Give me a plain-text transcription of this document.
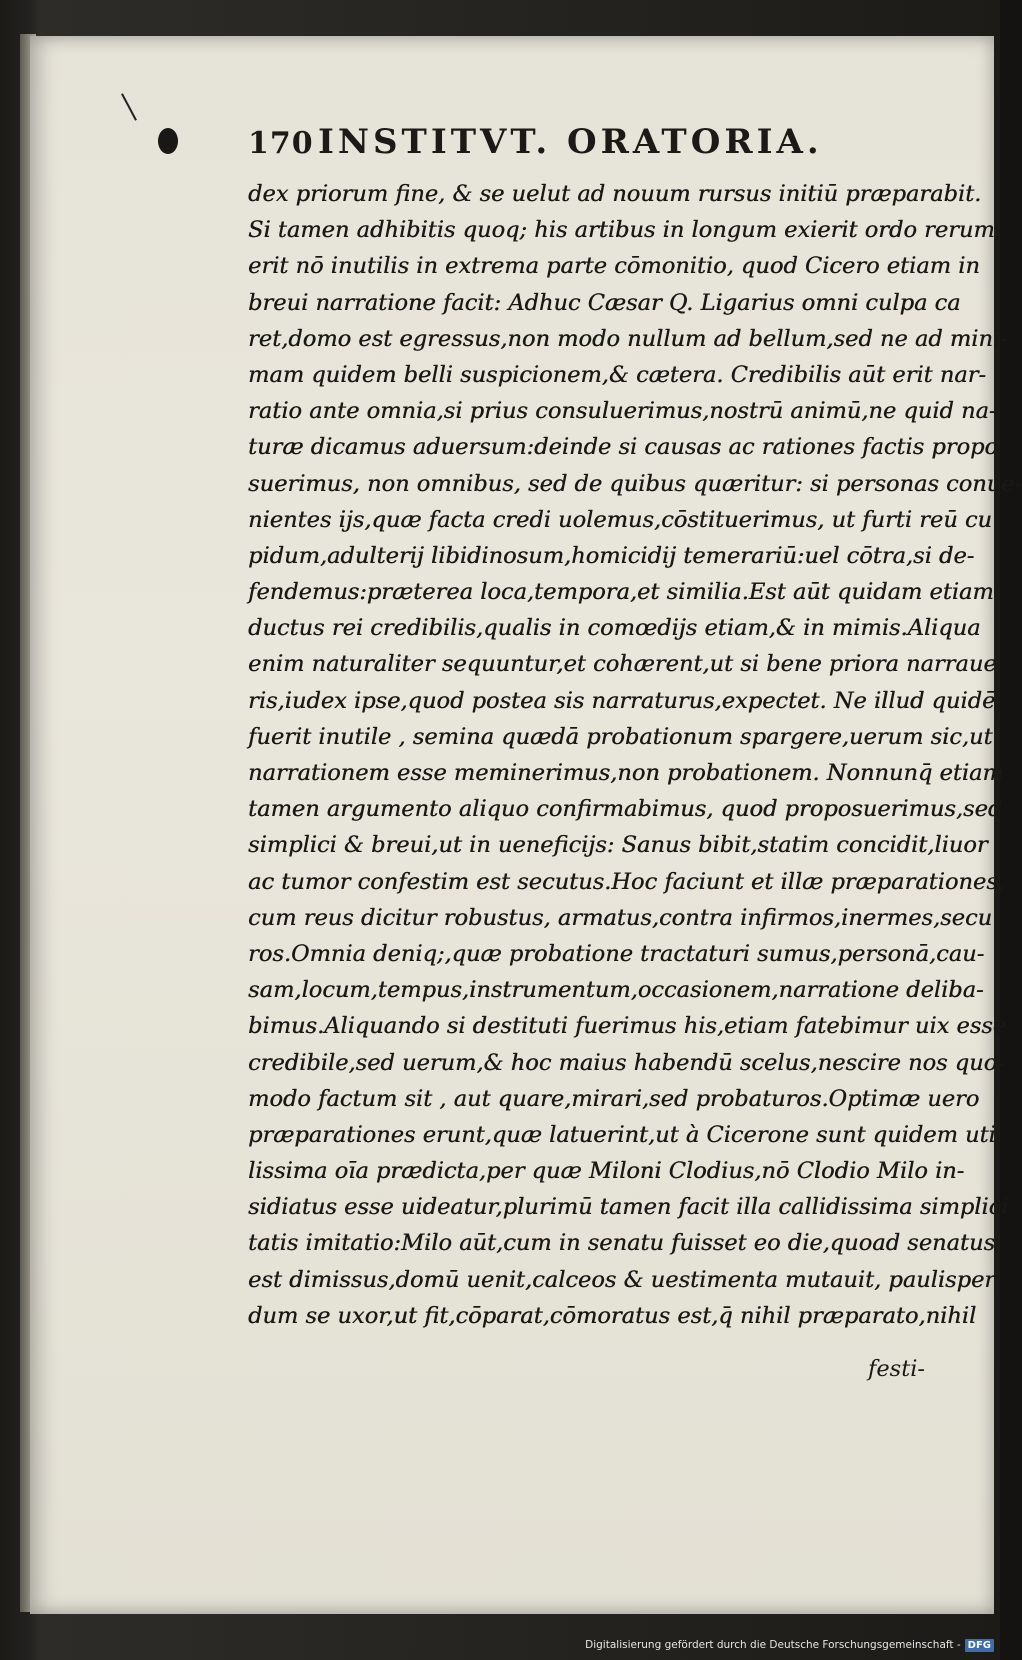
170 INSTITVT. ORATORIA.
dex priorum fine, & se uelut ad nouum rursus initiū præparabit.
Si tamen adhibitis quoq; his artibus in longum exierit ordo rerum,
erit nō inutilis in extrema parte cōmonitio, quod Cicero etiam in
breui narratione facit: Adhuc Cæsar Q. Ligarius omni culpa ca
ret,domo est egressus,non modo nullum ad bellum,sed ne ad mini-
mam quidem belli suspicionem,& cætera. Credibilis aūt erit nar-
ratio ante omnia,si prius consuluerimus,nostrū animū,ne quid na-
turæ dicamus aduersum:deinde si causas ac rationes factis propo
suerimus, non omnibus, sed de quibus quæritur: si personas conue-
nientes ijs,quæ facta credi uolemus,cōstituerimus, ut furti reū cu
pidum,adulterij libidinosum,homicidij temerariū:uel cōtra,si de-
fendemus:præterea loca,tempora,et similia.Est aūt quidam etiam
ductus rei credibilis,qualis in comœdijs etiam,& in mimis.Aliqua
enim naturaliter sequuntur,et cohærent,ut si bene priora narraue
ris,iudex ipse,quod postea sis narraturus,expectet. Ne illud quidē
fuerit inutile , semina quædā probationum spargere,uerum sic,ut
narrationem esse meminerimus,non probationem. Nonnunq̄ etiam
tamen argumento aliquo confirmabimus, quod proposuerimus,sed
simplici & breui,ut in ueneficijs: Sanus bibit,statim concidit,liuor
ac tumor confestim est secutus.Hoc faciunt et illæ præparationes,
cum reus dicitur robustus, armatus,contra infirmos,inermes,secu
ros.Omnia deniq;,quæ probatione tractaturi sumus,personā,cau-
sam,locum,tempus,instrumentum,occasionem,narratione deliba-
bimus.Aliquando si destituti fuerimus his,etiam fatebimur uix esse
credibile,sed uerum,& hoc maius habendū scelus,nescire nos quo-
modo factum sit , aut quare,mirari,sed probaturos.Optimæ uero
præparationes erunt,quæ latuerint,ut à Cicerone sunt quidem uti
lissima oīa prædicta,per quæ Miloni Clodius,nō Clodio Milo in-
sidiatus esse uideatur,plurimū tamen facit illa callidissima simplici
tatis imitatio:Milo aūt,cum in senatu fuisset eo die,quoad senatus
est dimissus,domū uenit,calceos & uestimenta mutauit, paulisper
dum se uxor,ut fit,cōparat,cōmoratus est,q̄ nihil præparato,nihil
festi-
Digitalisierung gefördert durch die Deutsche Forschungsgemeinschaft - DFG
